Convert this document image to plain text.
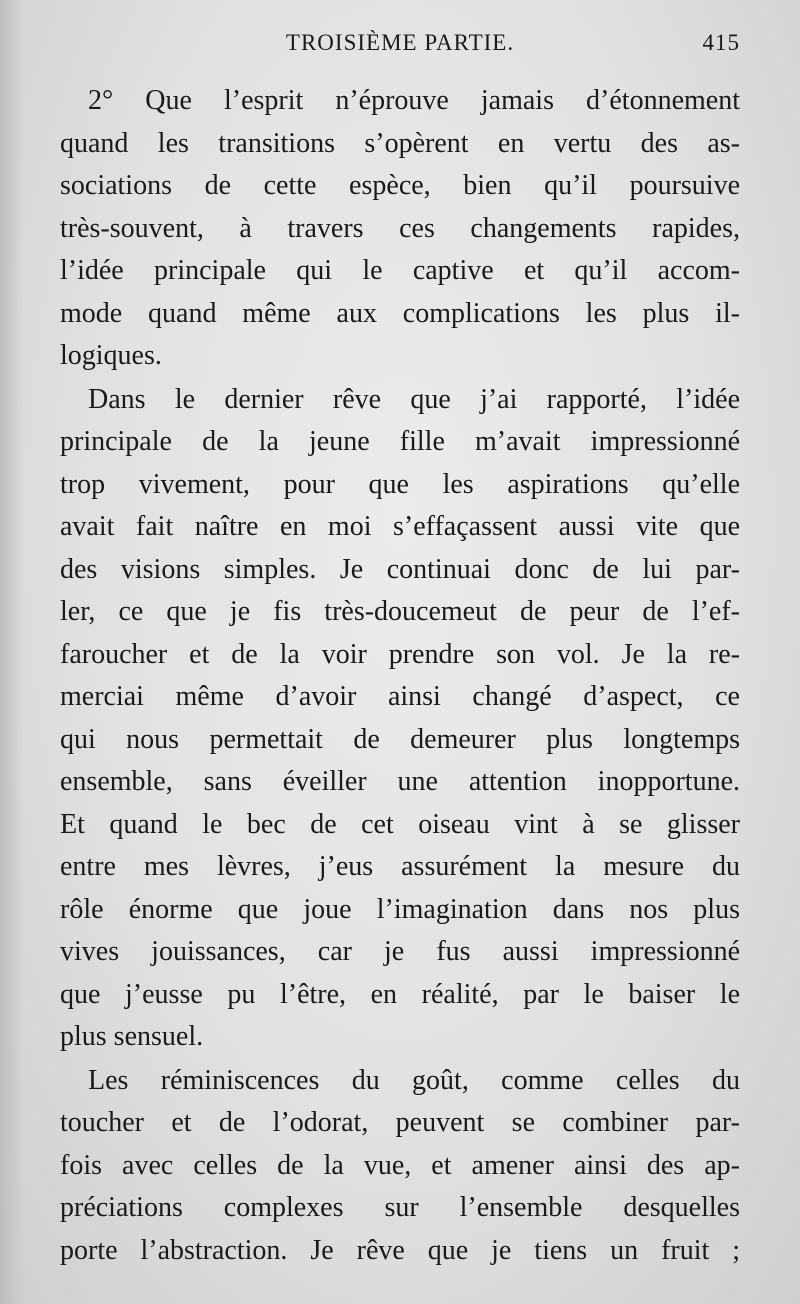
TROISIÈME PARTIE.	415
2° Que l’esprit n’éprouve jamais d’étonnement
quand les transitions s’opèrent en vertu des as-
sociations de cette espèce, bien qu’il poursuive
très-souvent, à travers ces changements rapides,
l’idée principale qui le captive et qu’il accom-
mode quand même aux complications les plus il-
logiques.
Dans le dernier rêve que j’ai rapporté, l’idée
principale de la jeune fille m’avait impressionné
trop vivement, pour que les aspirations qu’elle
avait fait naître en moi s’effaçassent aussi vite que
des visions simples. Je continuai donc de lui par-
ler, ce que je fis très-doucemeut de peur de l’ef-
faroucher et de la voir prendre son vol. Je la re-
merciai même d’avoir ainsi changé d’aspect, ce
qui nous permettait de demeurer plus longtemps
ensemble, sans éveiller une attention inopportune.
Et quand le bec de cet oiseau vint à se glisser
entre mes lèvres, j’eus assurément la mesure du
rôle énorme que joue l’imagination dans nos plus
vives jouissances, car je fus aussi impressionné
que j’eusse pu l’être, en réalité, par le baiser le
plus sensuel.
Les réminiscences du goût, comme celles du
toucher et de l’odorat, peuvent se combiner par-
fois avec celles de la vue, et amener ainsi des ap-
préciations complexes sur l’ensemble desquelles
porte l’abstraction. Je rêve que je tiens un fruit ;
